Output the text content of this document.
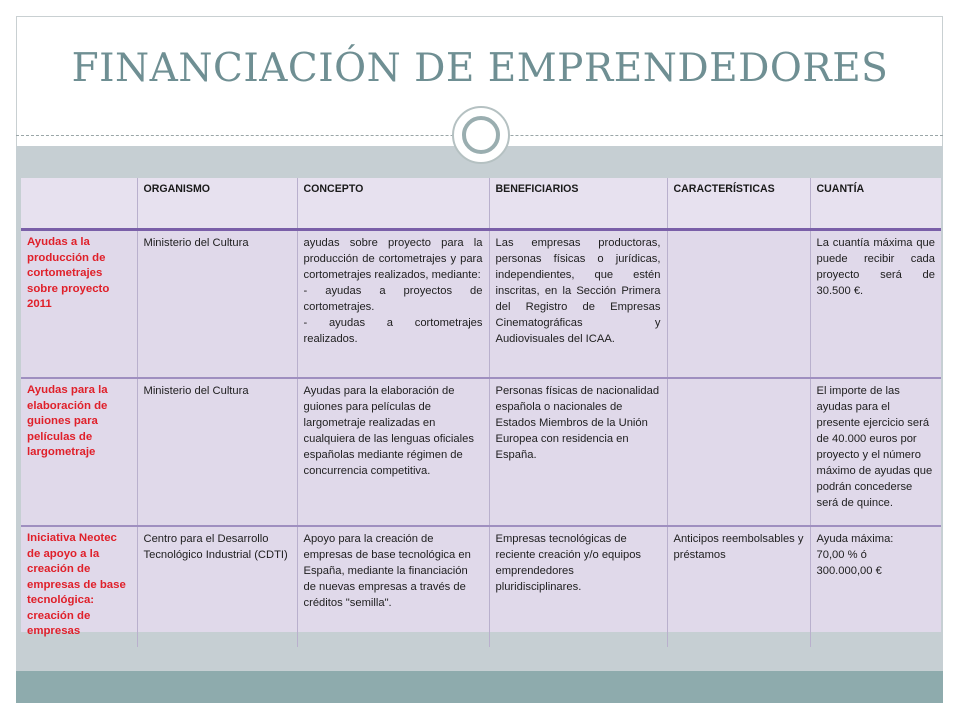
FINANCIACIÓN DE EMPRENDEDORES
	ORGANISMO	CONCEPTO	BENEFICIARIOS	CARACTERÍSTICAS	CUANTÍA
Ayudas a la producción de cortometrajes sobre proyecto 2011	Ministerio del Cultura	ayudas sobre proyecto para la producción de cortometrajes y para cortometrajes realizados, mediante:
- ayudas a proyectos de cortometrajes.
- ayudas a cortometrajes realizados.	Las empresas productoras, personas físicas o jurídicas, independientes, que estén inscritas, en la Sección Primera del Registro de Empresas Cinematográficas y Audiovisuales del ICAA.		La cuantía máxima que puede recibir cada proyecto será de 30.500 €.
Ayudas para la elaboración de guiones para películas de largometraje	Ministerio del Cultura	Ayudas para la elaboración de guiones para películas de largometraje realizadas en cualquiera de las lenguas oficiales españolas mediante régimen de concurrencia competitiva.	Personas físicas de nacionalidad española o nacionales de Estados Miembros de la Unión Europea con residencia en España.		El importe de las ayudas para el presente ejercicio será de 40.000 euros por proyecto y el número máximo de ayudas que podrán concederse será de quince.
Iniciativa Neotec de apoyo a la creación de empresas de base tecnológica: creación de empresas	Centro para el Desarrollo Tecnológico Industrial (CDTI)	Apoyo para la creación de empresas de base tecnológica en España, mediante la financiación de nuevas empresas a través de créditos "semilla".	Empresas tecnológicas de reciente creación y/o equipos emprendedores pluridisciplinares.	Anticipos reembolsables y préstamos	Ayuda máxima:
70,00 % ó
300.000,00 €
